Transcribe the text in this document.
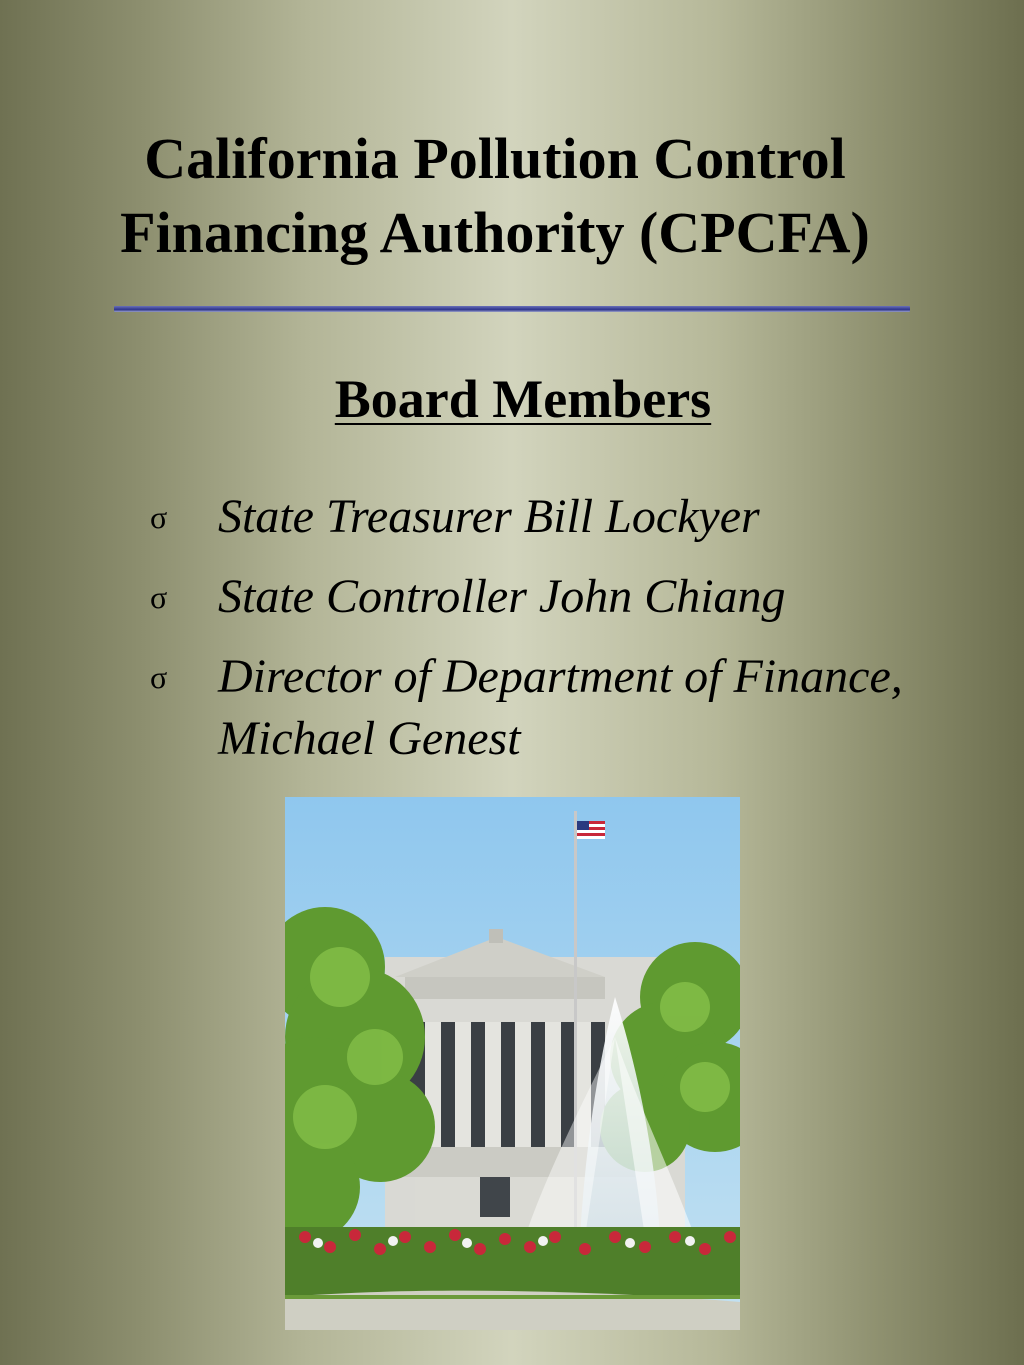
California Pollution Control Financing Authority (CPCFA)
Board Members
σ	State Treasurer Bill Lockyer
σ	State Controller John Chiang
σ	Director of Department of Finance, Michael Genest
